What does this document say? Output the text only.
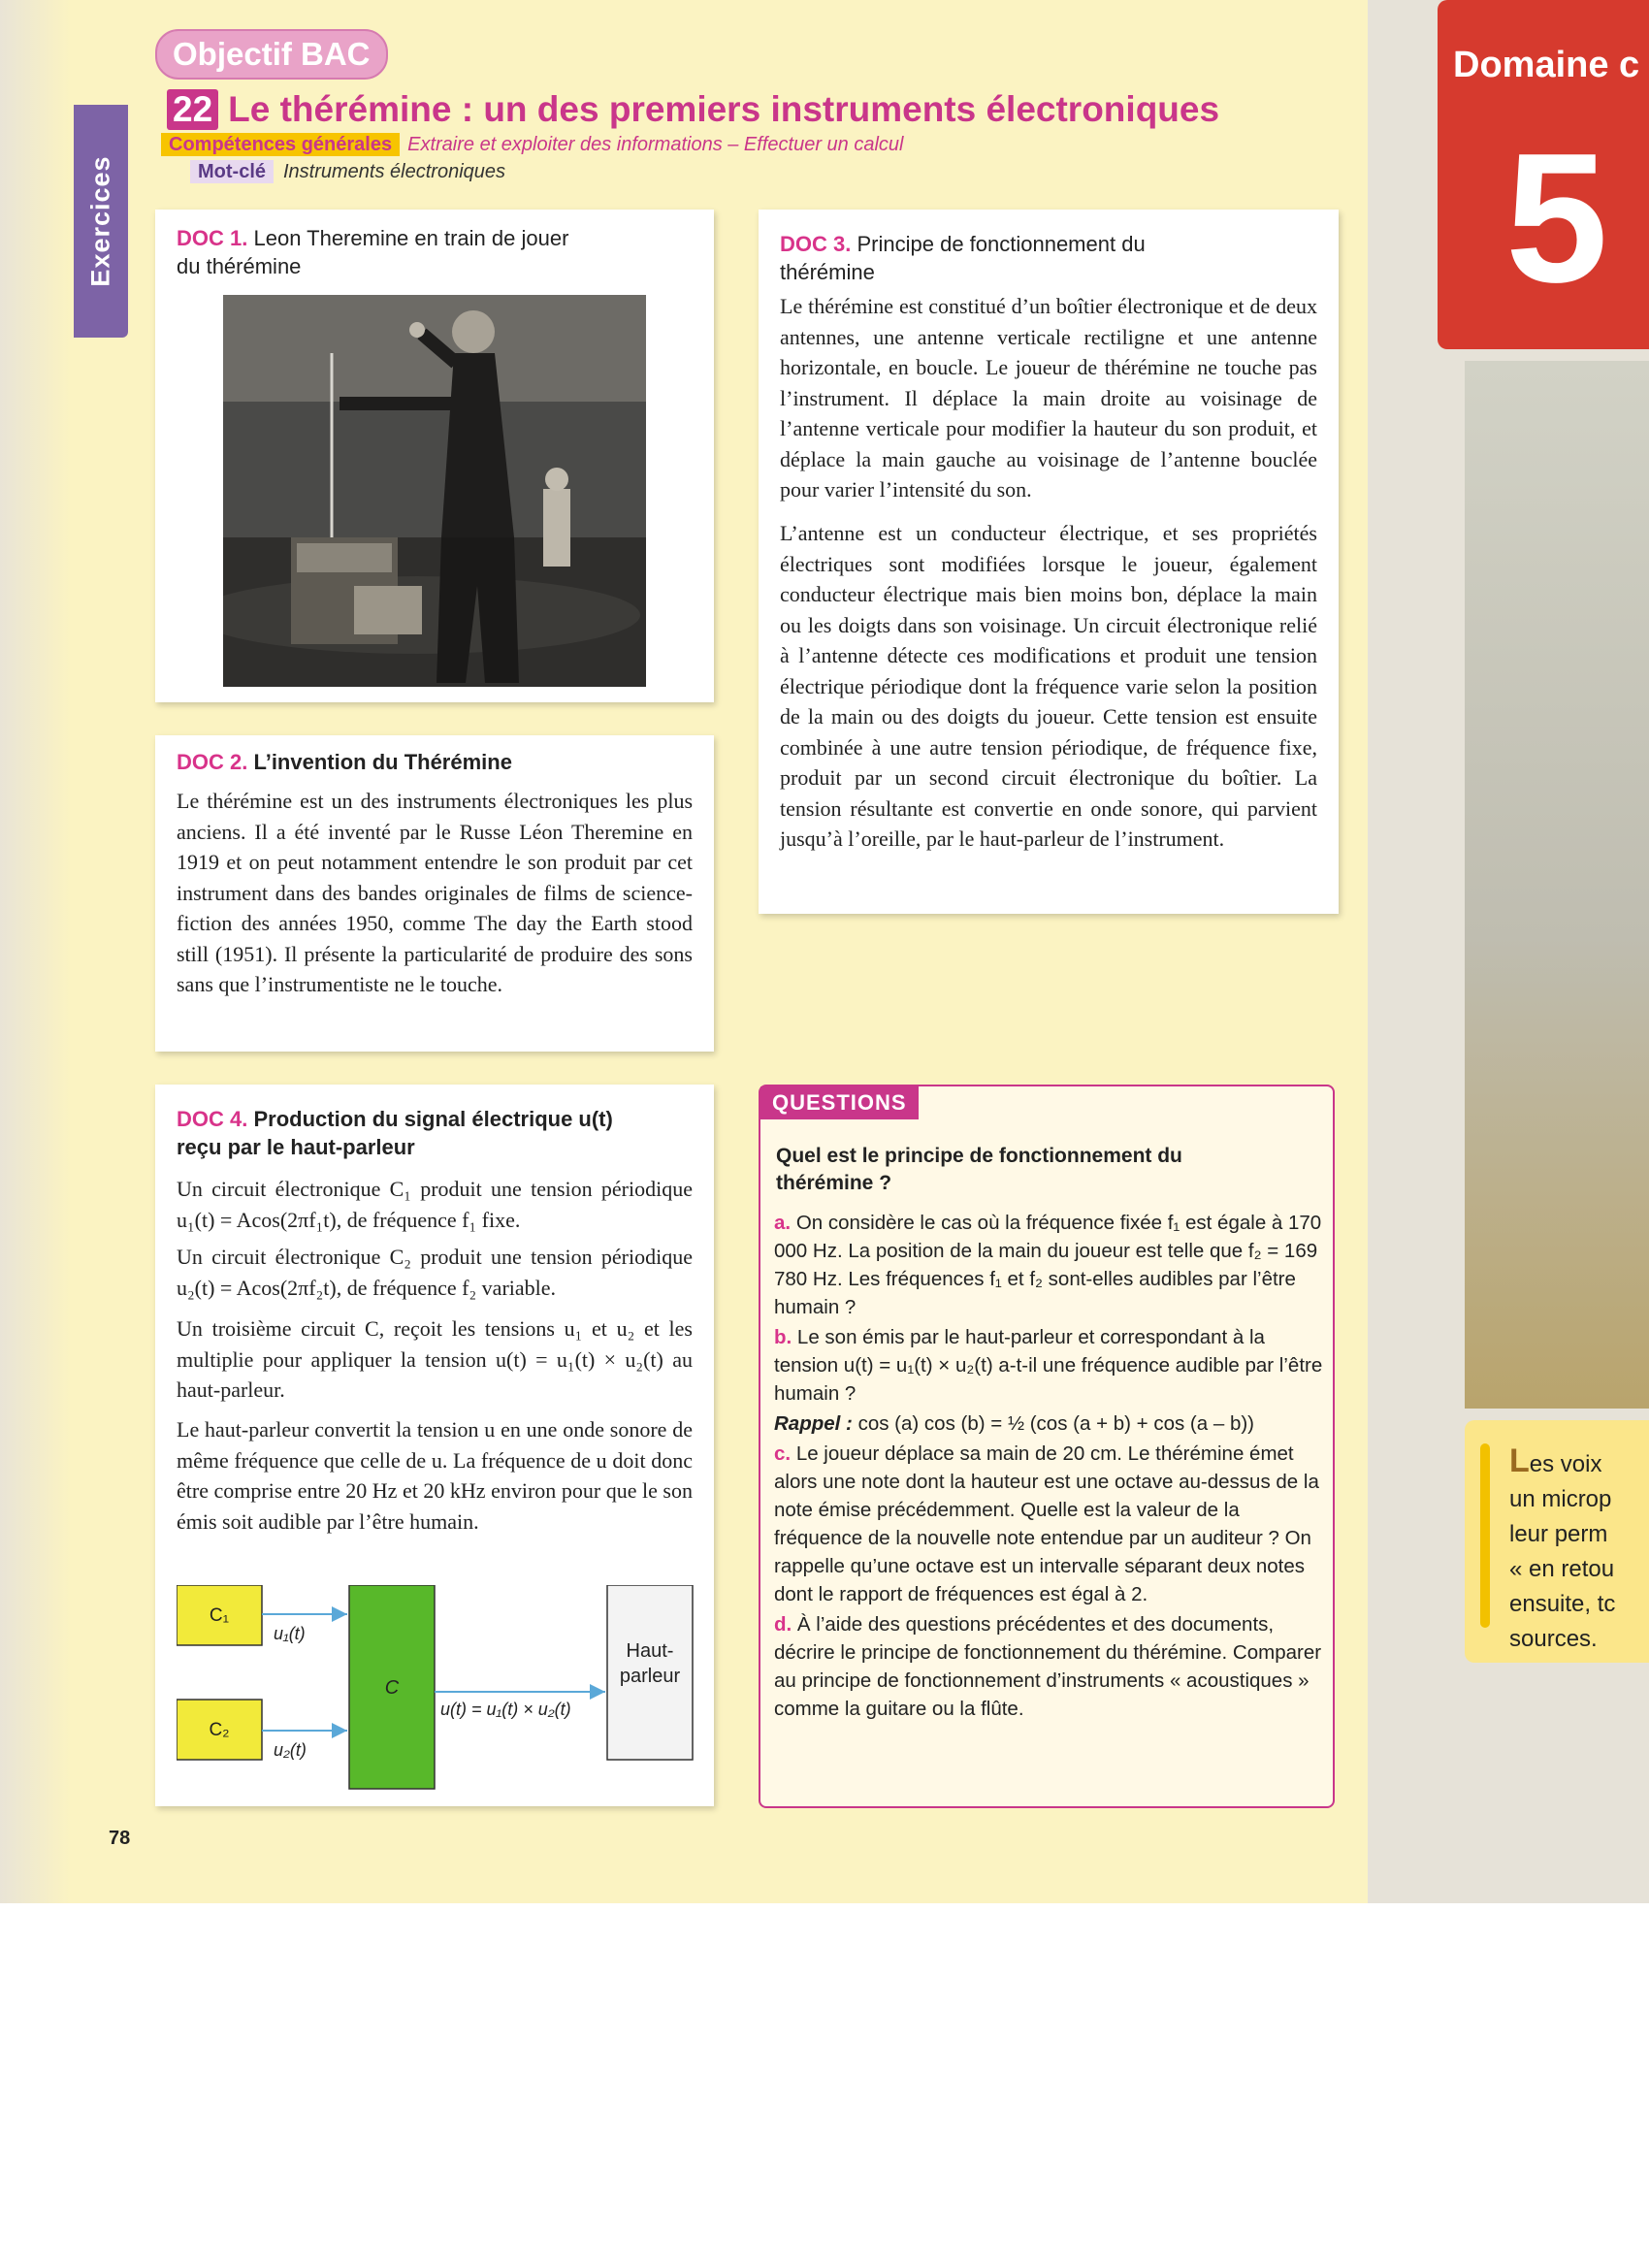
Exercices
Objectif BAC
22 Le thérémine : un des premiers instruments électroniques
Compétences générales Extraire et exploiter des informations – Effectuer un calcul
Mot-clé Instruments électroniques
DOC 1. Leon Theremine en train de jouer du thérémine
DOC 2. L’invention du Thérémine

Le thérémine est un des instruments électroniques les plus anciens. Il a été inventé par le Russe Léon Theremine en 1919 et on peut notamment entendre le son produit par cet instrument dans des bandes originales de films de science-fiction des années 1950, comme The day the Earth stood still (1951). Il présente la particularité de produire des sons sans que l’instrumentiste ne le touche.

DOC 3. Principe de fonctionnement du thérémine

Le thérémine est constitué d’un boîtier électronique et de deux antennes, une antenne verticale rectiligne et une antenne horizontale, en boucle. Le joueur de thérémine ne touche pas l’instrument. Il déplace la main droite au voisinage de l’antenne verticale pour modifier la hauteur du son produit, et déplace la main gauche au voisinage de l’antenne bouclée pour varier l’intensité du son.

L’antenne est un conducteur électrique, et ses propriétés électriques sont modifiées lorsque le joueur, également conducteur électrique mais bien moins bon, déplace la main ou les doigts dans son voisinage. Un circuit électronique relié à l’antenne détecte ces modifications et produit une tension électrique périodique dont la fréquence varie selon la position de la main ou des doigts du joueur. Cette tension est ensuite combinée à une autre tension périodique, de fréquence fixe, produit par un second circuit électronique du boîtier. La tension résultante est convertie en onde sonore, qui parvient jusqu’à l’oreille, par le haut-parleur de l’instrument.

DOC 4. Production du signal électrique u(t) reçu par le haut-parleur

Un circuit électronique C₁ produit une tension périodique u₁(t) = Acos(2πf₁t), de fréquence f₁ fixe.

Un circuit électronique C₂ produit une tension périodique u₂(t) = Acos(2πf₂t), de fréquence f₂ variable.

Un troisième circuit C, reçoit les tensions u₁ et u₂ et les multiplie pour appliquer la tension u(t) = u₁(t) × u₂(t) au haut-parleur.

Le haut-parleur convertit la tension u en une onde sonore de même fréquence que celle de u. La fréquence de u doit donc être comprise entre 20 Hz et 20 kHz environ pour que le son émis soit audible par l’être humain.

C₁
C₂
C
Haut-
parleur
u₁(t)
u₂(t)
u(t) = u₁(t) × u₂(t)
QUESTIONS
Quel est le principe de fonctionnement du thérémine ?
a. On considère le cas où la fréquence fixée f₁ est égale à 170 000 Hz. La position de la main du joueur est telle que f₂ = 169 780 Hz. Les fréquences f₁ et f₂ sont-elles audibles par l’être humain ?
b. Le son émis par le haut-parleur et correspondant à la tension u(t) = u₁(t) × u₂(t) a-t-il une fréquence audible par l’être humain ?
Rappel : cos (a) cos (b) = ½ (cos (a + b) + cos (a – b))
c. Le joueur déplace sa main de 20 cm. Le thérémine émet alors une note dont la hauteur est une octave au-dessus de la note émise précédemment. Quelle est la valeur de la fréquence de la nouvelle note entendue par un auditeur ? On rappelle qu’une octave est un intervalle séparant deux notes dont le rapport de fréquences est égal à 2.
d. À l’aide des questions précédentes et des documents, décrire le principe de fonctionnement du thérémine. Comparer au principe de fonctionnement d’instruments « acoustiques » comme la guitare ou la flûte.
78
Domaine c
5
Les voix
un microp
leur perm
« en retou
ensuite, tc
sources.
